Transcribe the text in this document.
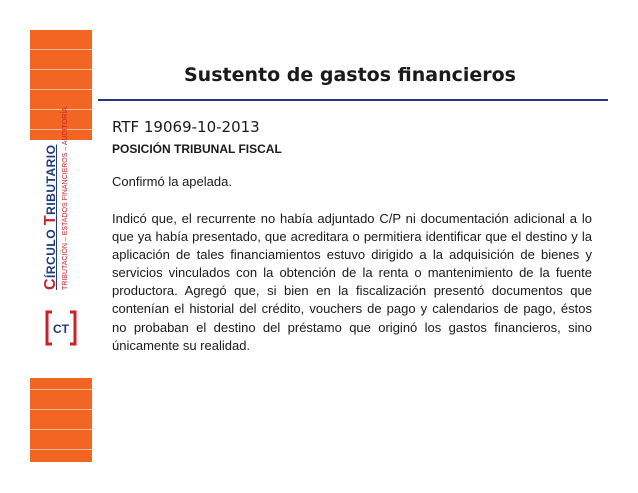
CÍRCULO TRIBUTARIO TRIBUTACIÓN – ESTADOS FINANCIEROS – AUDITORÍA
CT
Sustento de gastos financieros
RTF 19069-10-2013
POSICIÓN TRIBUNAL FISCAL
Confirmó la apelada.
Indicó que, el recurrente no había adjuntado C/P ni documentación adicional a lo que ya había presentado, que acreditara o permitiera identificar que el destino y la aplicación de tales financiamientos estuvo dirigido a la adquisición de bienes y servicios vinculados con la obtención de la renta o mantenimiento de la fuente productora. Agregó que, si bien en la fiscalización presentó documentos que contenían el historial del crédito, vouchers de pago y calendarios de pago, éstos no probaban el destino del préstamo que originó los gastos financieros, sino únicamente su realidad.
